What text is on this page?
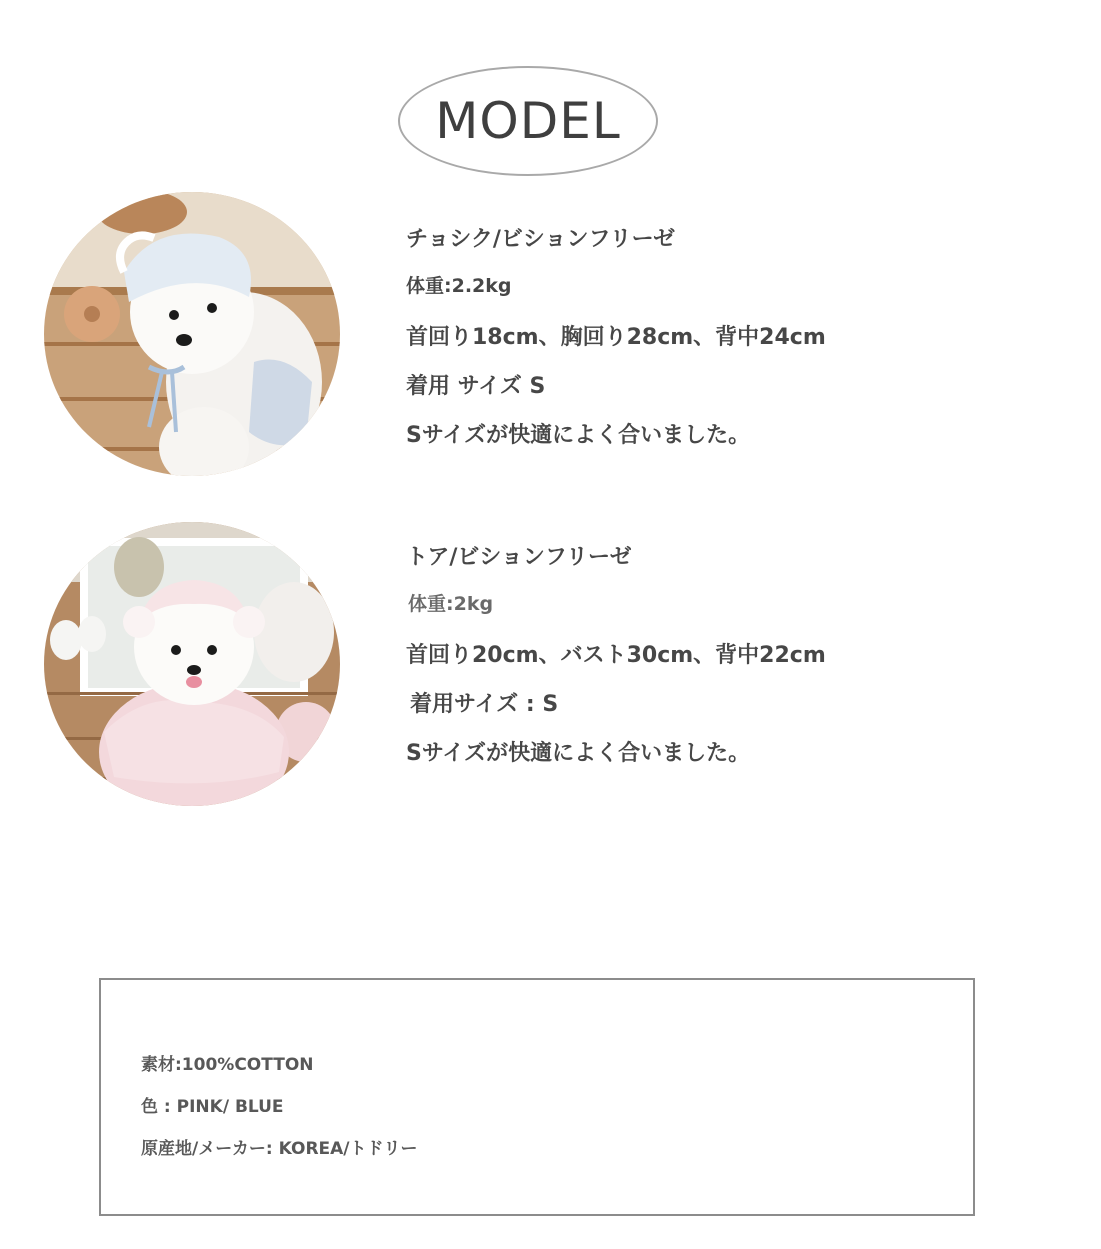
MODEL
チョシク/ビションフリーゼ
体重:2.2kg
首回り18cm、胸回り28cm、背中24cm
着用 サイズ S
Sサイズが快適によく合いました。
トア/ビションフリーゼ
体重:2kg
首回り20cm、バスト30cm、背中22cm
着用サイズ : S
Sサイズが快適によく合いました。
素材:100%COTTON
色 : PINK/ BLUE
原産地/メーカー: KOREA/トドリー
